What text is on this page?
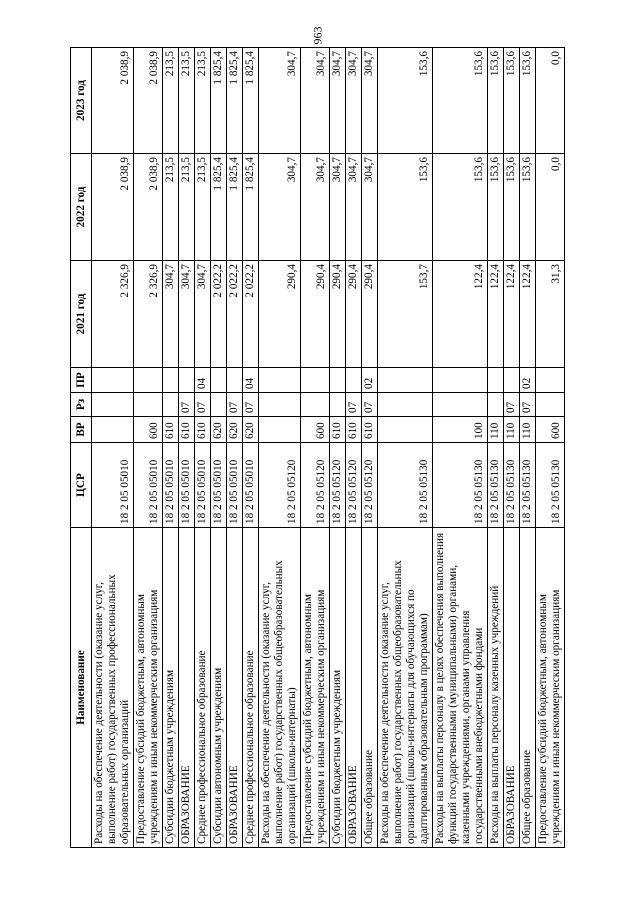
963
Наименование	ЦСР	ВР	Рз	ПР	2021 год	2022 год	2023 год
Расходы на обеспечение деятельности (оказание услуг, выполнение работ) государственных профессиональных образовательных организаций	18 2 05 05010				2 326,9	2 038,9	2 038,9
Предоставление субсидий бюджетным, автономным учреждениям и иным некоммерческим организациям	18 2 05 05010	600			2 326,9	2 038,9	2 038,9
Субсидии бюджетным учреждениям	18 2 05 05010	610			304,7	213,5	213,5
ОБРАЗОВАНИЕ	18 2 05 05010	610	07		304,7	213,5	213,5
Среднее профессиональное образование	18 2 05 05010	610	07	04	304,7	213,5	213,5
Субсидии автономным учреждениям	18 2 05 05010	620			2 022,2	1 825,4	1 825,4
ОБРАЗОВАНИЕ	18 2 05 05010	620	07		2 022,2	1 825,4	1 825,4
Среднее профессиональное образование	18 2 05 05010	620	07	04	2 022,2	1 825,4	1 825,4
Расходы на обеспечение деятельности (оказание услуг, выполнение работ) государственных общеобразовательных организаций (школы-интернаты)	18 2 05 05120				290,4	304,7	304,7
Предоставление субсидий бюджетным, автономным учреждениям и иным некоммерческим организациям	18 2 05 05120	600			290,4	304,7	304,7
Субсидии бюджетным учреждениям	18 2 05 05120	610			290,4	304,7	304,7
ОБРАЗОВАНИЕ	18 2 05 05120	610	07		290,4	304,7	304,7
Общее образование	18 2 05 05120	610	07	02	290,4	304,7	304,7
Расходы на обеспечение деятельности (оказание услуг, выполнение работ) государственных общеобразовательных организаций (школы-интернаты для обучающихся по адаптированным образовательным программам)	18 2 05 05130				153,7	153,6	153,6
Расходы на выплаты персоналу в целях обеспечения выполнения функций государственными (муниципальными) органами, казенными учреждениями, органами управления государственными внебюджетными фондами	18 2 05 05130	100			122,4	153,6	153,6
Расходы на выплаты персоналу казенных учреждений	18 2 05 05130	110			122,4	153,6	153,6
ОБРАЗОВАНИЕ	18 2 05 05130	110	07		122,4	153,6	153,6
Общее образование	18 2 05 05130	110	07	02	122,4	153,6	153,6
Предоставление субсидий бюджетным, автономным учреждениям и иным некоммерческим организациям	18 2 05 05130	600			31,3	0,0	0,0
